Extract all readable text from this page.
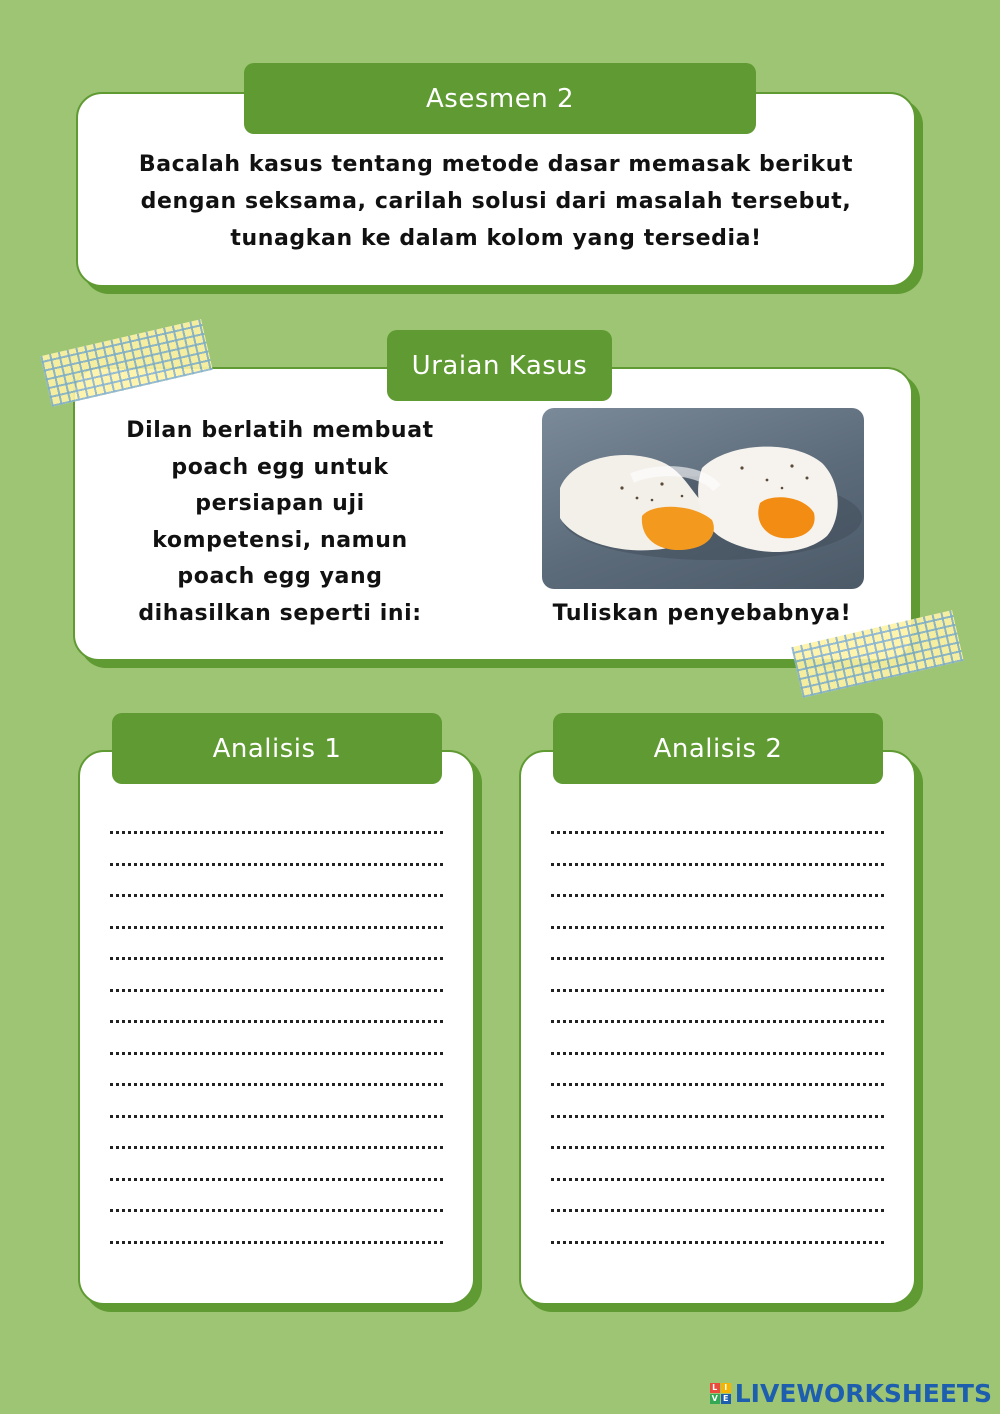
Bacalah kasus tentang metode dasar memasak berikut

dengan seksama, carilah solusi dari masalah tersebut,

tunagkan ke dalam kolom yang tersedia!

Asesmen 2

Dilan berlatih membuat

poach egg untuk

persiapan uji

kompetensi, namun

poach egg yang

dihasilkan seperti ini:	Tuliskan penyebabnya!
Uraian Kasus
Analisis 1	Analisis 2
L I
V E LIVEWORKSHEETS
